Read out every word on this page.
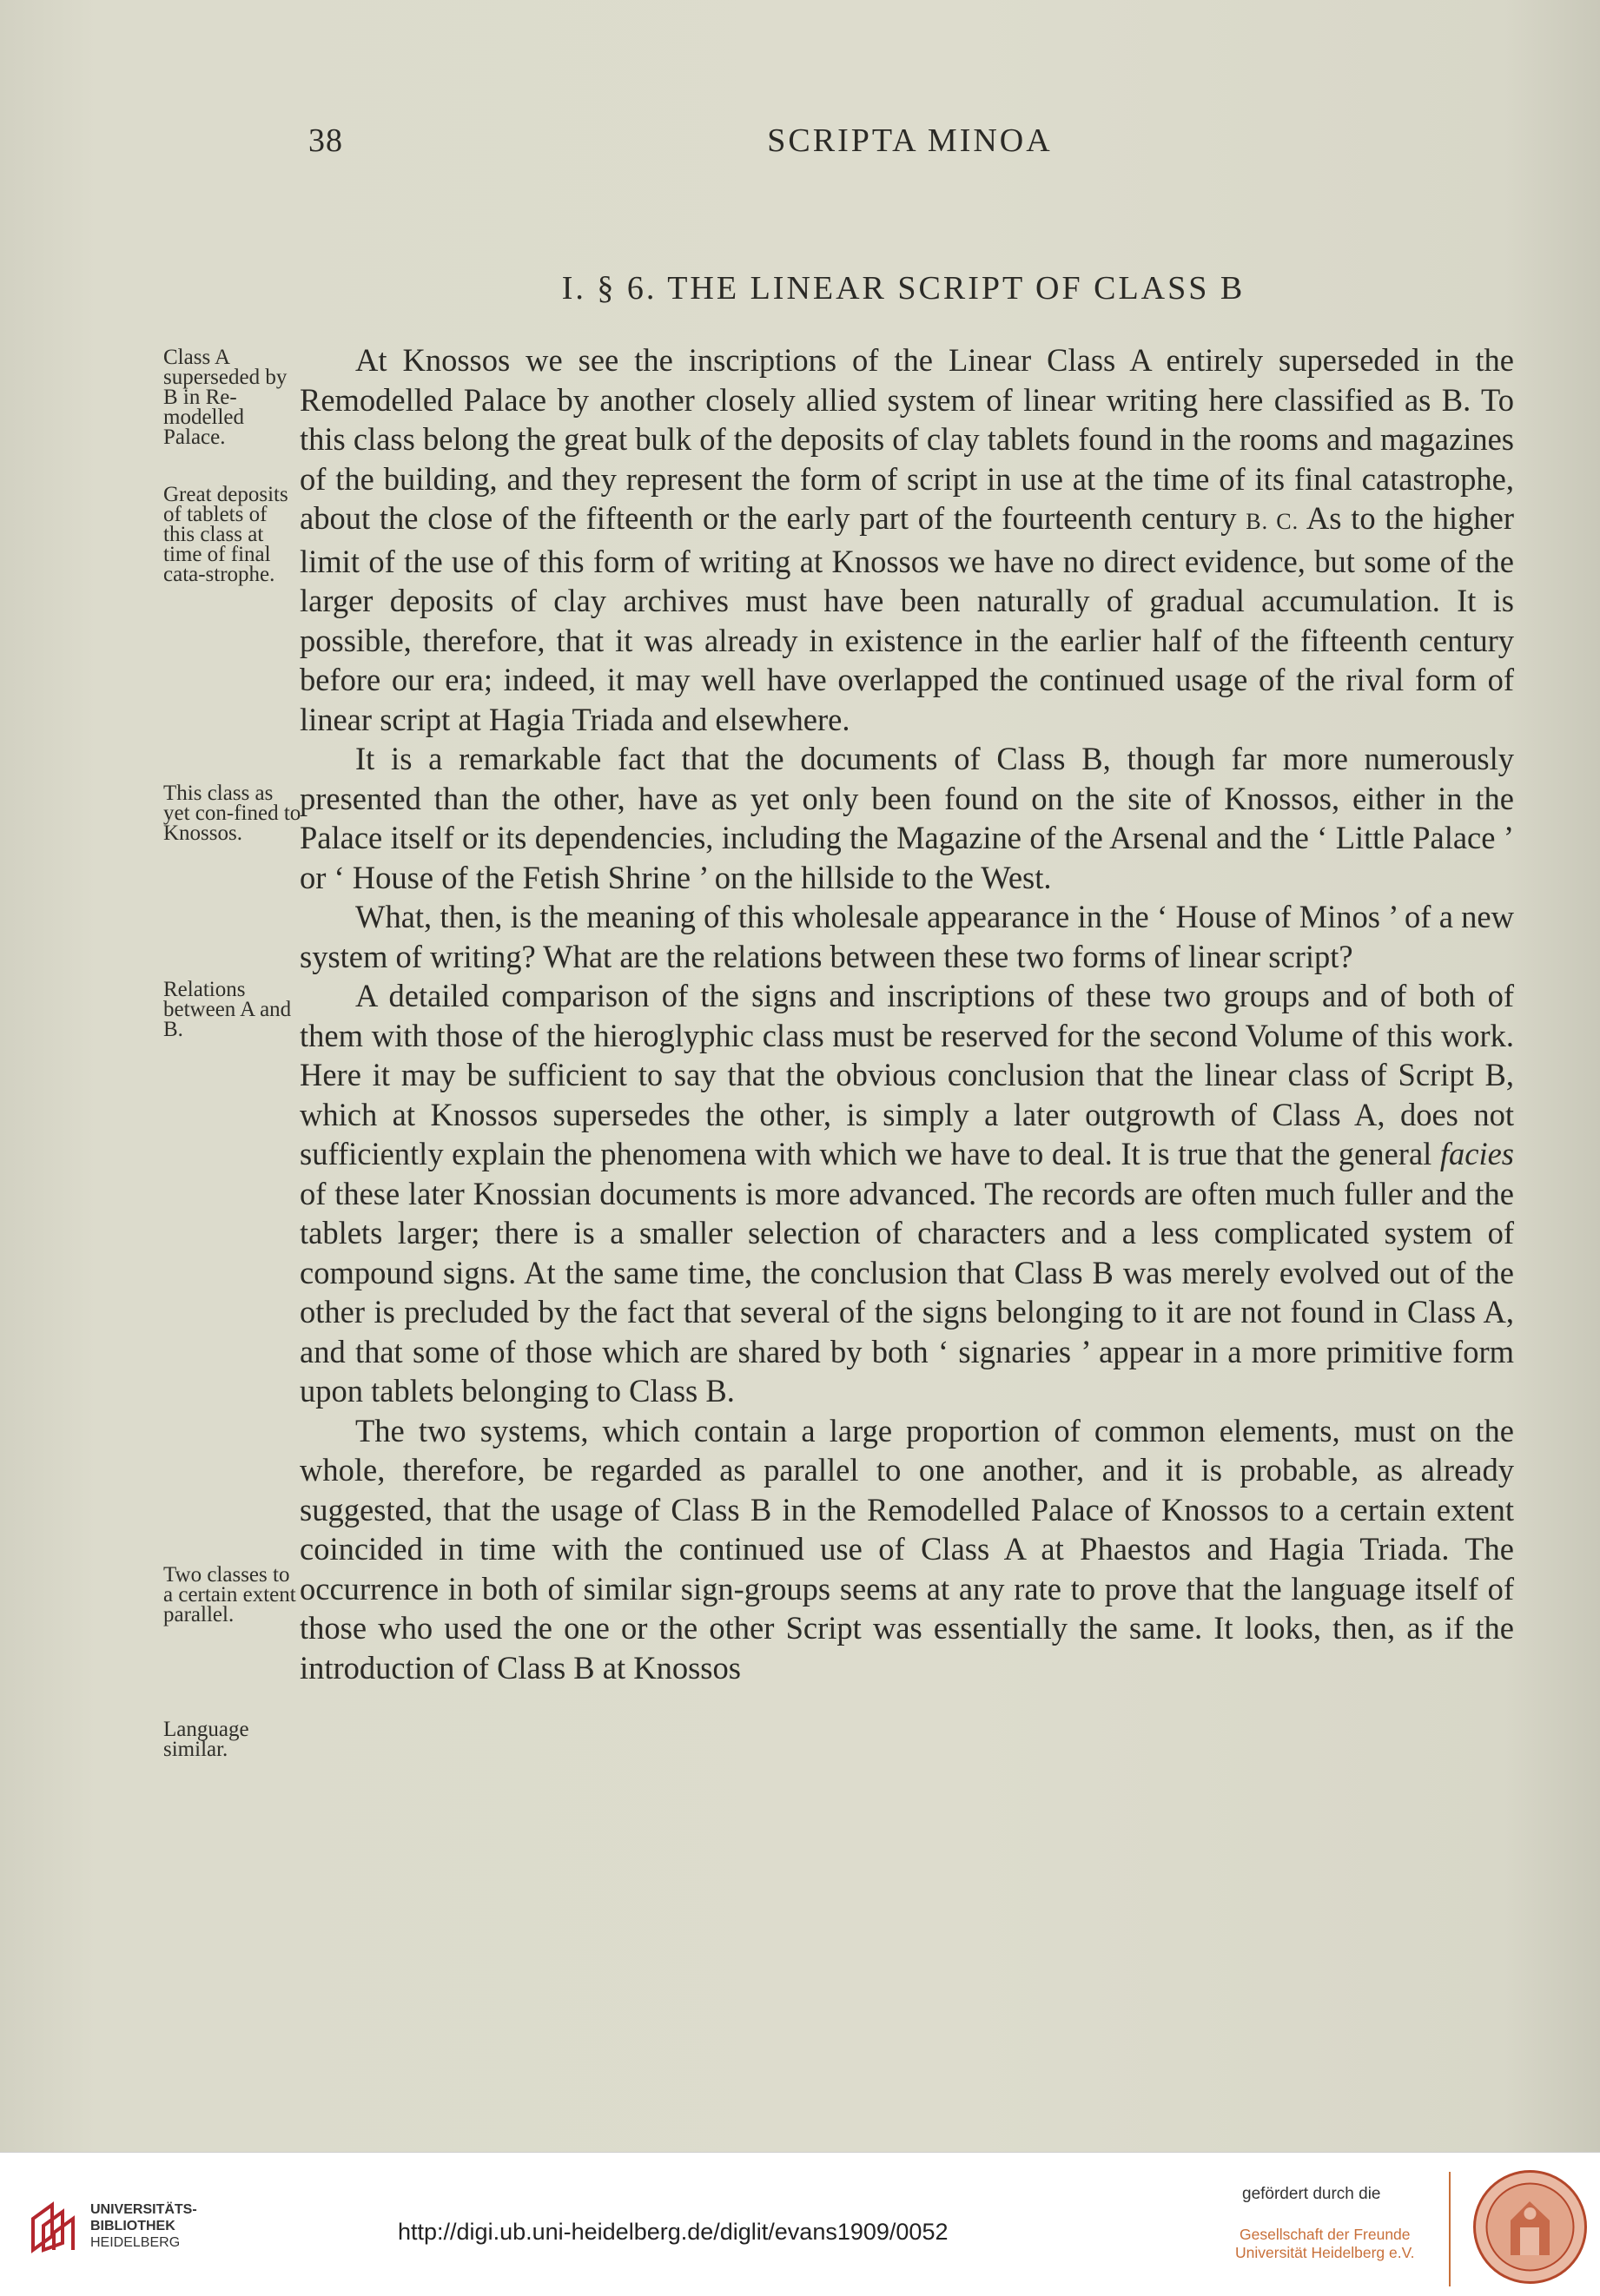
38	SCRIPTA MINOA
I. § 6. THE LINEAR SCRIPT OF CLASS B
Class A superseded by B in Re-modelled Palace.
Great deposits of tablets of this class at time of final cata-strophe.
This class as yet con-fined to Knossos.
Relations between A and B.
Two classes to a certain extent parallel.
Language similar.

At Knossos we see the inscriptions of the Linear Class A entirely superseded in the Remodelled Palace by another closely allied system of linear writing here classified as B. To this class belong the great bulk of the deposits of clay tablets found in the rooms and magazines of the building, and they represent the form of script in use at the time of its final catastrophe, about the close of the fifteenth or the early part of the fourteenth century B. C. As to the higher limit of the use of this form of writing at Knossos we have no direct evidence, but some of the larger deposits of clay archives must have been naturally of gradual accumulation. It is possible, therefore, that it was already in existence in the earlier half of the fifteenth century before our era; indeed, it may well have overlapped the continued usage of the rival form of linear script at Hagia Triada and elsewhere.

It is a remarkable fact that the documents of Class B, though far more numerously presented than the other, have as yet only been found on the site of Knossos, either in the Palace itself or its dependencies, including the Magazine of the Arsenal and the ‘ Little Palace ’ or ‘ House of the Fetish Shrine ’ on the hillside to the West.

What, then, is the meaning of this wholesale appearance in the ‘ House of Minos ’ of a new system of writing? What are the relations between these two forms of linear script?

A detailed comparison of the signs and inscriptions of these two groups and of both of them with those of the hieroglyphic class must be reserved for the second Volume of this work. Here it may be sufficient to say that the obvious conclusion that the linear class of Script B, which at Knossos supersedes the other, is simply a later outgrowth of Class A, does not sufficiently explain the phenomena with which we have to deal. It is true that the general facies of these later Knossian documents is more advanced. The records are often much fuller and the tablets larger; there is a smaller selection of characters and a less complicated system of compound signs. At the same time, the conclusion that Class B was merely evolved out of the other is precluded by the fact that several of the signs belonging to it are not found in Class A, and that some of those which are shared by both ‘ signaries ’ appear in a more primitive form upon tablets belonging to Class B.

The two systems, which contain a large proportion of common elements, must on the whole, therefore, be regarded as parallel to one another, and it is probable, as already suggested, that the usage of Class B in the Remodelled Palace of Knossos to a certain extent coincided in time with the continued use of Class A at Phaestos and Hagia Triada. The occurrence in both of similar sign-groups seems at any rate to prove that the language itself of those who used the one or the other Script was essentially the same. It looks, then, as if the introduction of Class B at Knossos

UNIVERSITÄTS-
BIBLIOTHEK
HEIDELBERG	http://digi.ub.uni-heidelberg.de/diglit/evans1909/0052
gefördert durch die
Gesellschaft der Freunde
Universität Heidelberg e.V.
